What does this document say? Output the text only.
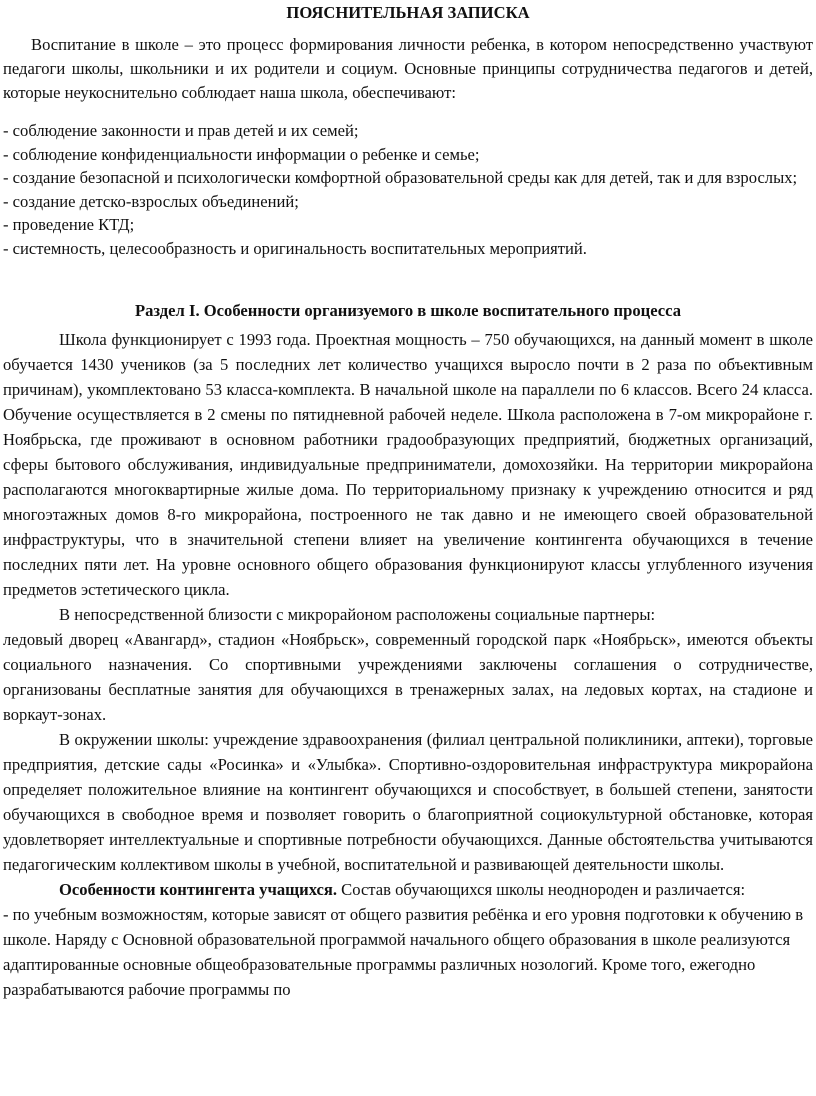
ПОЯСНИТЕЛЬНАЯ ЗАПИСКА

Воспитание в школе – это процесс формирования личности ребенка, в котором непосредственно участвуют педагоги школы, школьники и их родители и социум. Основные принципы сотрудничества педагогов и детей, которые неукоснительно соблюдает наша школа, обеспечивают:

- соблюдение законности и прав детей и их семей;
- соблюдение конфиденциальности информации о ребенке и семье;
- создание безопасной и психологически комфортной образовательной среды как для детей, так и для взрослых;
- создание детско-взрослых объединений;
- проведение КТД;
- системность, целесообразность и оригинальность воспитательных мероприятий.
Раздел I. Особенности организуемого в школе воспитательного процесса

Школа функционирует с 1993 года. Проектная мощность – 750 обучающихся, на данный момент в школе обучается 1430 учеников (за 5 последних лет количество учащихся выросло почти в 2 раза по объективным причинам), укомплектовано 53 класса-комплекта. В начальной школе на параллели по 6 классов. Всего 24 класса. Обучение осуществляется в 2 смены по пятидневной рабочей неделе. Школа расположена в 7-ом микрорайоне г. Ноябрьска, где проживают в основном работники градообразующих предприятий, бюджетных организаций, сферы бытового обслуживания, индивидуальные предприниматели, домохозяйки. На территории микрорайона располагаются многоквартирные жилые дома. По территориальному признаку к учреждению относится и ряд многоэтажных домов 8-го микрорайона, построенного не так давно и не имеющего своей образовательной инфраструктуры, что в значительной степени влияет на увеличение контингента обучающихся в течение последних пяти лет. На уровне основного общего образования функционируют классы углубленного изучения предметов эстетического цикла.

В непосредственной близости с микрорайоном расположены социальные партнеры:

ледовый дворец «Авангард», стадион «Ноябрьск», современный городской парк «Ноябрьск», имеются объекты социального назначения. Со спортивными учреждениями заключены соглашения о сотрудничестве, организованы бесплатные занятия для обучающихся в тренажерных залах, на ледовых кортах, на стадионе и воркаут-зонах.

В окружении школы: учреждение здравоохранения (филиал центральной поликлиники, аптеки), торговые предприятия, детские сады «Росинка» и «Улыбка». Спортивно-оздоровительная инфраструктура микрорайона определяет положительное влияние на контингент обучающихся и способствует, в большей степени, занятости обучающихся в свободное время и позволяет говорить о благоприятной социокультурной обстановке, которая удовлетворяет интеллектуальные и спортивные потребности обучающихся. Данные обстоятельства учитываются педагогическим коллективом школы в учебной, воспитательной и развивающей деятельности школы.

Особенности контингента учащихся. Состав обучающихся школы неоднороден и различается:

- по учебным возможностям, которые зависят от общего развития ребёнка и его уровня подготовки к обучению в школе. Наряду с Основной образовательной программой начального общего образования в школе реализуются адаптированные основные общеобразовательные программы различных нозологий. Кроме того, ежегодно разрабатываются рабочие программы по
